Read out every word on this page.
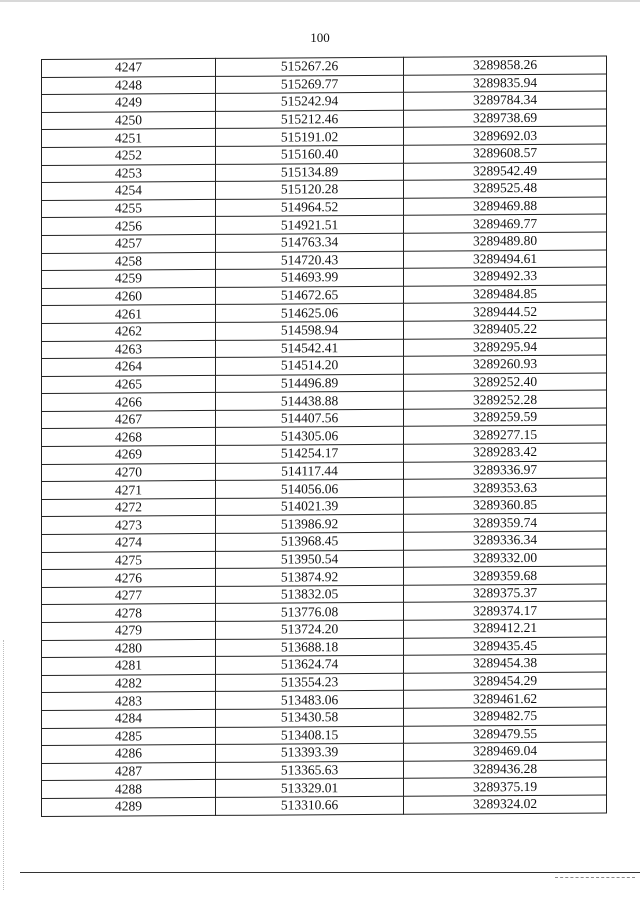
100
4247	515267.26	3289858.26
4248	515269.77	3289835.94
4249	515242.94	3289784.34
4250	515212.46	3289738.69
4251	515191.02	3289692.03
4252	515160.40	3289608.57
4253	515134.89	3289542.49
4254	515120.28	3289525.48
4255	514964.52	3289469.88
4256	514921.51	3289469.77
4257	514763.34	3289489.80
4258	514720.43	3289494.61
4259	514693.99	3289492.33
4260	514672.65	3289484.85
4261	514625.06	3289444.52
4262	514598.94	3289405.22
4263	514542.41	3289295.94
4264	514514.20	3289260.93
4265	514496.89	3289252.40
4266	514438.88	3289252.28
4267	514407.56	3289259.59
4268	514305.06	3289277.15
4269	514254.17	3289283.42
4270	514117.44	3289336.97
4271	514056.06	3289353.63
4272	514021.39	3289360.85
4273	513986.92	3289359.74
4274	513968.45	3289336.34
4275	513950.54	3289332.00
4276	513874.92	3289359.68
4277	513832.05	3289375.37
4278	513776.08	3289374.17
4279	513724.20	3289412.21
4280	513688.18	3289435.45
4281	513624.74	3289454.38
4282	513554.23	3289454.29
4283	513483.06	3289461.62
4284	513430.58	3289482.75
4285	513408.15	3289479.55
4286	513393.39	3289469.04
4287	513365.63	3289436.28
4288	513329.01	3289375.19
4289	513310.66	3289324.02
